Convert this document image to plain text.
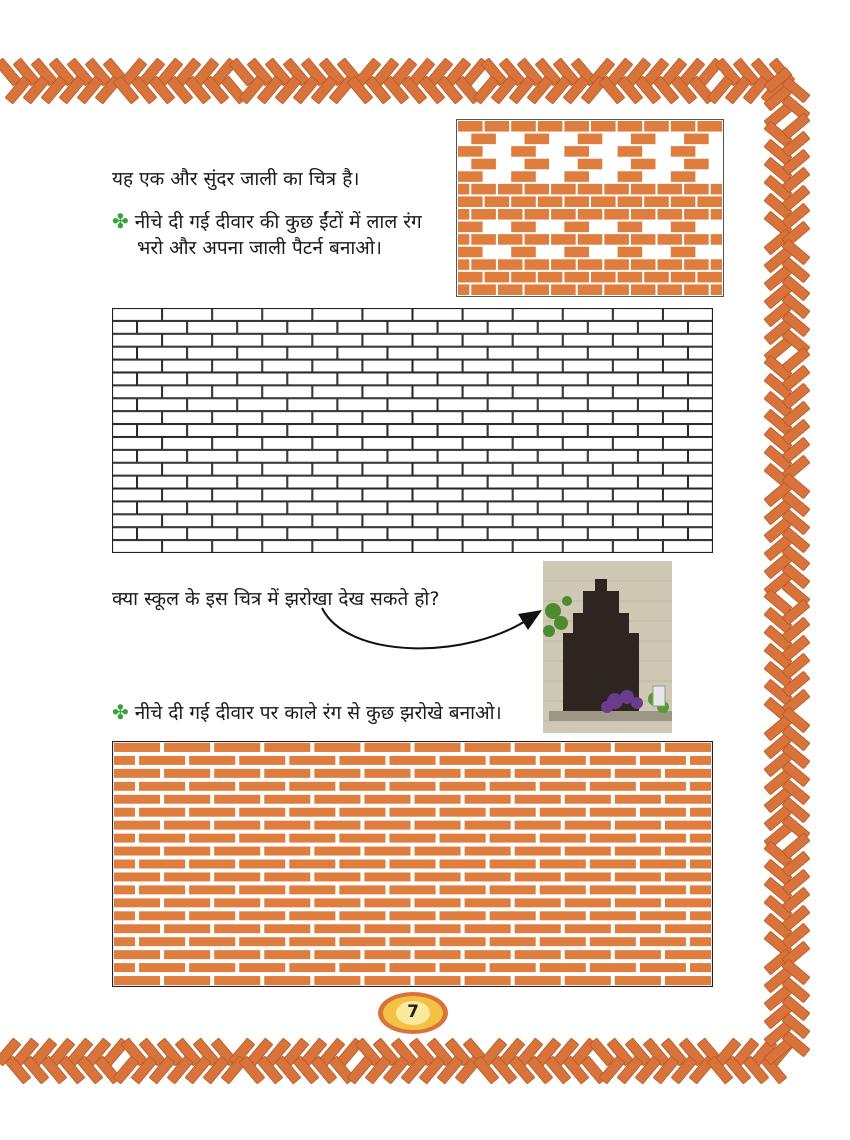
यह एक और सुंदर जाली का चित्र है।
✤ नीचे दी गई दीवार की कुछ ईंटों में लाल रंग
भरो और अपना जाली पैटर्न बनाओ।
क्या स्कूल के इस चित्र में झरोखा देख सकते हो?
✤ नीचे दी गई दीवार पर काले रंग से कुछ झरोखे बनाओ।
7
